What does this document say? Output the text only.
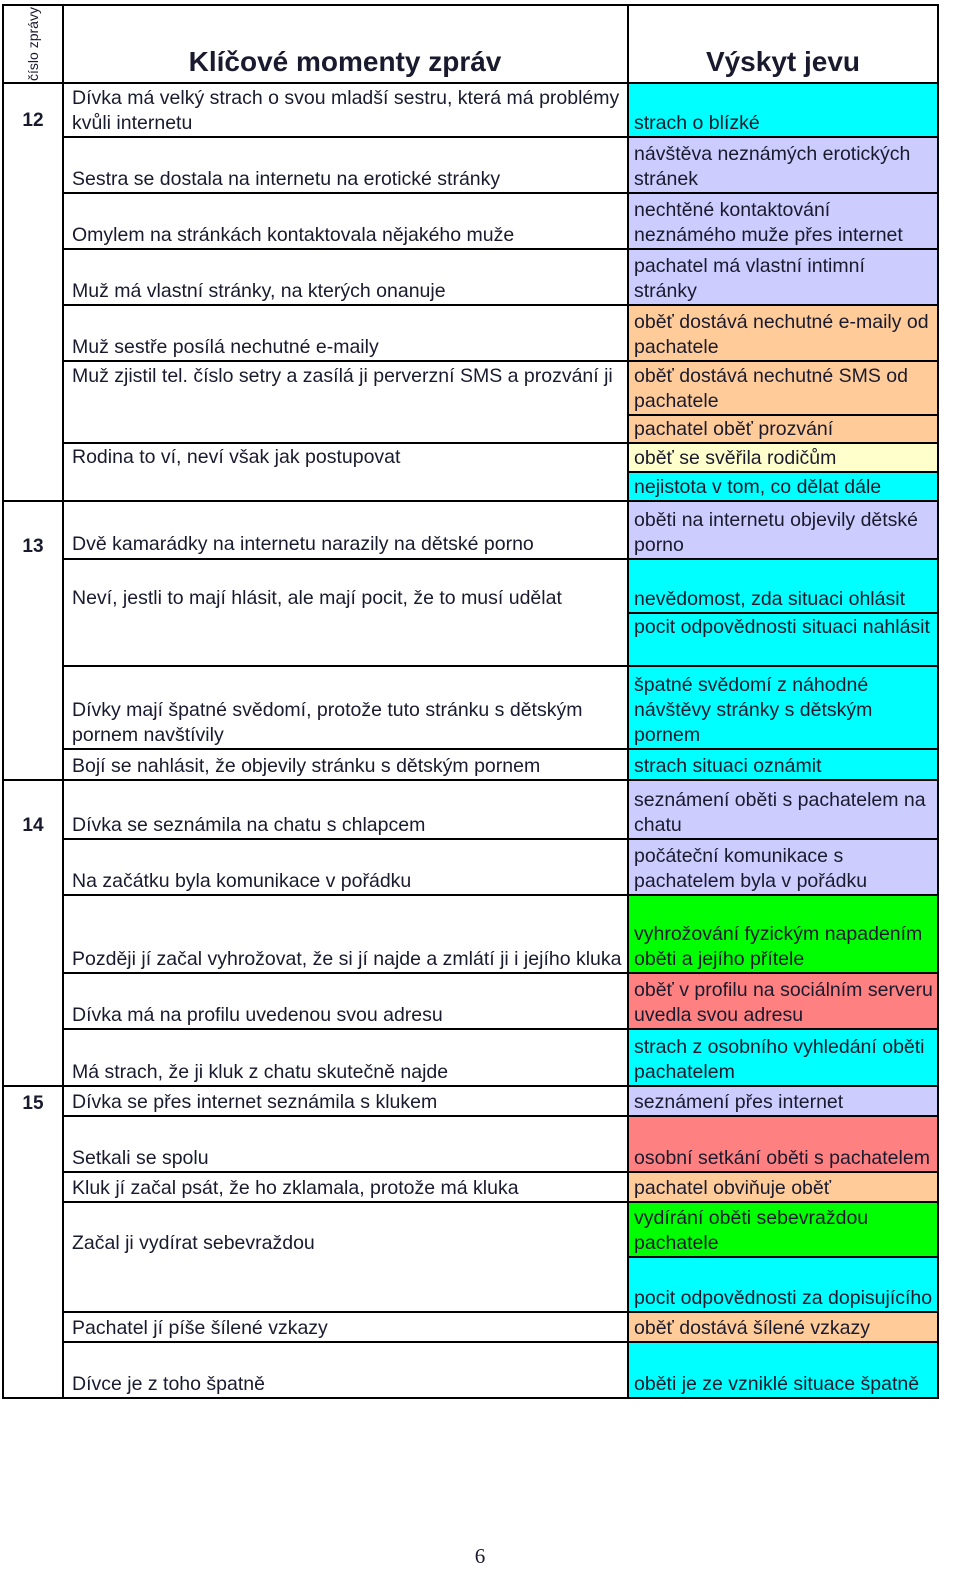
číslo zprávy	Klíčové momenty zpráv	Výskyt jevu
12
13
14
15
Dívka má velký strach o svou mladší sestru, která má problémy kvůli internetu
Sestra se dostala na internetu na erotické stránky
Omylem na stránkách kontaktovala nějakého muže
Muž má vlastní stránky, na kterých onanuje
Muž sestře posílá nechutné e-maily
Muž zjistil tel. číslo setry a zasílá ji perverzní SMS a prozvání ji
Rodina to ví, neví však jak postupovat
Dvě kamarádky na internetu narazily na dětské porno
Neví, jestli to mají hlásit, ale mají pocit, že to musí udělat
Dívky mají špatné svědomí, protože tuto stránku s dětským pornem navštívily
Bojí se nahlásit, že objevily stránku s dětským pornem
Dívka se seznámila na chatu s chlapcem
Na začátku byla komunikace v pořádku
Později jí začal vyhrožovat, že si jí najde a zmlátí ji i jejího kluka
Dívka má na profilu uvedenou svou adresu
Má strach, že ji kluk z chatu skutečně najde
Dívka se přes internet seznámila s klukem
Setkali se spolu
Kluk jí začal psát, že ho zklamala, protože má kluka
Začal ji vydírat sebevraždou
Pachatel jí píše šílené vzkazy
Dívce je z toho špatně
strach o blízké
návštěva neznámých erotických stránek
nechtěné kontaktování neznámého muže přes internet
pachatel má vlastní intimní stránky
oběť dostává nechutné e-maily od pachatele
oběť dostává nechutné SMS od pachatele
pachatel oběť prozvání
oběť se svěřila rodičům
nejistota v tom, co dělat dále
oběti na internetu objevily dětské porno
nevědomost, zda situaci ohlásit
pocit odpovědnosti situaci nahlásit
špatné svědomí z náhodné návštěvy stránky s dětským pornem
strach situaci oznámit
seznámení oběti s pachatelem na chatu
počáteční komunikace s pachatelem byla v pořádku
vyhrožování fyzickým napadením oběti a jejího přítele
oběť v profilu na sociálním serveru uvedla svou adresu
strach z osobního vyhledání oběti pachatelem
seznámení přes internet
osobní setkání oběti s pachatelem
pachatel obviňuje oběť
vydírání oběti sebevraždou pachatele
pocit odpovědnosti za dopisujícího
oběť dostává šílené vzkazy
oběti je ze vzniklé situace špatně
6
